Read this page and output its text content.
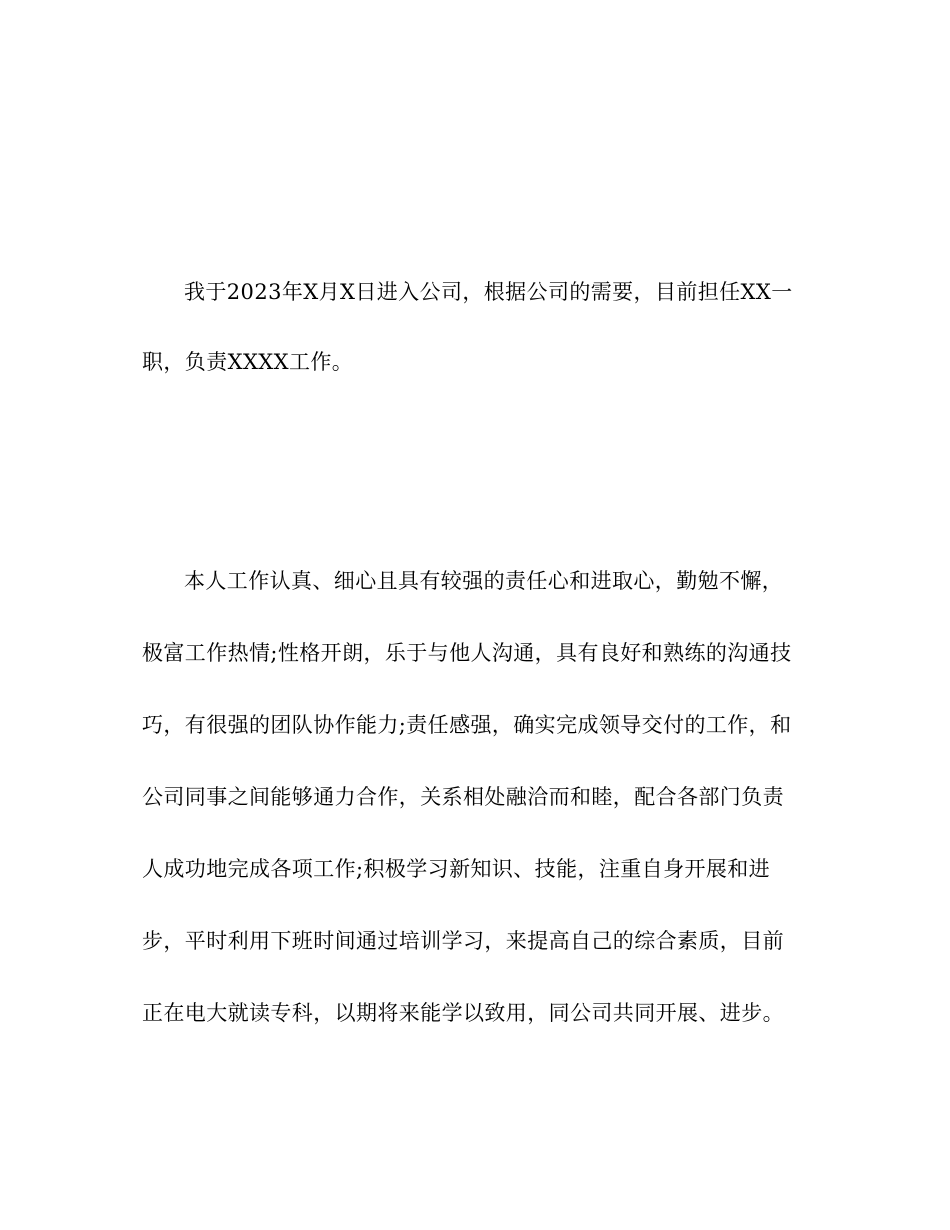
我于2023年X月X日进入公司，根据公司的需要，目前担任XX一
职，负责XXXX工作。
本人工作认真、细心且具有较强的责任心和进取心，勤勉不懈，
极富工作热情;性格开朗，乐于与他人沟通，具有良好和熟练的沟通技
巧，有很强的团队协作能力;责任感强，确实完成领导交付的工作，和
公司同事之间能够通力合作，关系相处融洽而和睦，配合各部门负责
人成功地完成各项工作;积极学习新知识、技能，注重自身开展和进
步，平时利用下班时间通过培训学习，来提高自己的综合素质，目前
正在电大就读专科，以期将来能学以致用，同公司共同开展、进步。
